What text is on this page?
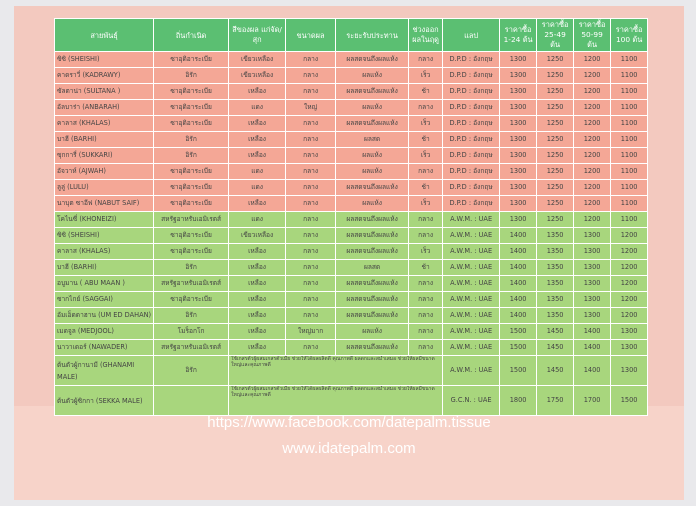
สายพันธุ์	ถิ่นกำเนิด	สีของผล แก่จัด/สุก	ขนาดผล	ระยะรับประทาน	ช่วงออก ผลในฤดู	แลป	ราคาซื้อ 1-24 ต้น	ราคาซื้อ 25-49 ต้น	ราคาซื้อ 50-99 ต้น	ราคาซื้อ 100 ต้น
ซิซิ (SHEISHI)	ซาอุดิอาระเบีย	เขียวเหลือง	กลาง	ผลสดจนถึงผลแห้ง	กลาง	D.P.D : อังกฤษ	1300	1250	1200	1100
คาดราวี่ (KADRAWY)	อิรัก	เขียวเหลือง	กลาง	ผลแห้ง	เร็ว	D.P.D : อังกฤษ	1300	1250	1200	1100
ซัลตาน่า (SULTANA )	ซาอุดิอาระเบีย	เหลือง	กลาง	ผลสดจนถึงผลแห้ง	ช้า	D.P.D : อังกฤษ	1300	1250	1200	1100
อัลบาร่า (ANBARAH)	ซาอุดิอาระเบีย	แดง	ใหญ่	ผลแห้ง	กลาง	D.P.D : อังกฤษ	1300	1250	1200	1100
คาลาส (KHALAS)	ซาอุดิอาระเบีย	เหลือง	กลาง	ผลสดจนถึงผลแห้ง	เร็ว	D.P.D : อังกฤษ	1300	1250	1200	1100
บาฮี (BARHI)	อิรัก	เหลือง	กลาง	ผลสด	ช้า	D.P.D : อังกฤษ	1300	1250	1200	1100
ซุกการี่ (SUKKARI)	อิรัก	เหลือง	กลาง	ผลแห้ง	เร็ว	D.P.D : อังกฤษ	1300	1250	1200	1100
อัจวาห์ (AJWAH)	ซาอุดิอาระเบีย	แดง	กลาง	ผลแห้ง	กลาง	D.P.D : อังกฤษ	1300	1250	1200	1100
ลูลู่ (LULU)	ซาอุดิอาระเบีย	แดง	กลาง	ผลสดจนถึงผลแห้ง	ช้า	D.P.D : อังกฤษ	1300	1250	1200	1100
นาบุต ซาอีฟ (NABUT SAIF)	ซาอุดิอาระเบีย	เหลือง	กลาง	ผลแห้ง	เร็ว	D.P.D : อังกฤษ	1300	1250	1200	1100
โคไนซี่ (KHONEIZI)	สหรัฐอาหรับเอมิเรตส์	แดง	กลาง	ผลสดจนถึงผลแห้ง	กลาง	A.W.M. : UAE	1300	1250	1200	1100
ซิซิ (SHEISHI)	ซาอุดิอาระเบีย	เขียวเหลือง	กลาง	ผลสดจนถึงผลแห้ง	กลาง	A.W.M. : UAE	1400	1350	1300	1200
คาลาส (KHALAS)	ซาอุดิอาระเบีย	เหลือง	กลาง	ผลสดจนถึงผลแห้ง	เร็ว	A.W.M. : UAE	1400	1350	1300	1200
บาฮี (BARHI)	อิรัก	เหลือง	กลาง	ผลสด	ช้า	A.W.M. : UAE	1400	1350	1300	1200
อบูมาน ( ABU MAAN )	สหรัฐอาหรับเอมิเรตส์	เหลือง	กลาง	ผลสดจนถึงผลแห้ง	กลาง	A.W.M. : UAE	1400	1350	1300	1200
ซากไกย์ (SAGGAI)	ซาอุดิอาระเบีย	เหลือง	กลาง	ผลสดจนถึงผลแห้ง	กลาง	A.W.M. : UAE	1400	1350	1300	1200
อัมเอ็ดดาฮาน (UM ED DAHAN)	อิรัก	เหลือง	กลาง	ผลสดจนถึงผลแห้ง	กลาง	A.W.M. : UAE	1400	1350	1300	1200
เมดจูล (MEDJOOL)	โมร็อกโก	เหลือง	ใหญ่มาก	ผลแห้ง	กลาง	A.W.M. : UAE	1500	1450	1400	1300
นาวาเดอร์ (NAWADER)	สหรัฐอาหรับเอมิเรตส์	เหลือง	กลาง	ผลสดจนถึงผลแห้ง	กลาง	A.W.M. : UAE	1500	1450	1400	1300
ต้นตัวผู้กานามี (GHANAMI MALE)	อิรัก	ใช้เกสรตัวผู้ผสมเกสรตัวเมีย ช่วยให้ได้ผลผลิตดี คุณภาพดี ผลดกและสม่ำเสมอ ช่วยให้ผลมีขนาดใหญ่และคุณภาพดี				A.W.M. : UAE	1500	1450	1400	1300
ต้นตัวผู้ซิกกา (SEKKA MALE)		ใช้เกสรตัวผู้ผสมเกสรตัวเมีย ช่วยให้ได้ผลผลิตดี คุณภาพดี ผลดกและสม่ำเสมอ ช่วยให้ผลมีขนาดใหญ่และคุณภาพดี				G.C.N. : UAE	1800	1750	1700	1500
https://www.facebook.com/datepalm.tissue
www.idatepalm.com
